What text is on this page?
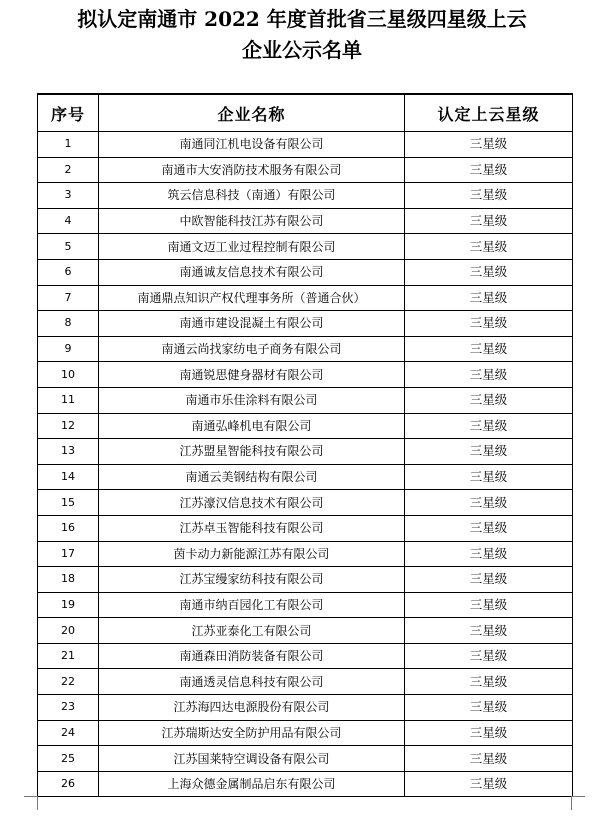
拟认定南通市 2022 年度首批省三星级四星级上云
企业公示名单
序号	企业名称	认定上云星级
1	南通同江机电设备有限公司	三星级
2	南通市大安消防技术服务有限公司	三星级
3	筑云信息科技（南通）有限公司	三星级
4	中欧智能科技江苏有限公司	三星级
5	南通文迈工业过程控制有限公司	三星级
6	南通诚友信息技术有限公司	三星级
7	南通鼎点知识产权代理事务所（普通合伙）	三星级
8	南通市建设混凝土有限公司	三星级
9	南通云尚找家纺电子商务有限公司	三星级
10	南通锐思健身器材有限公司	三星级
11	南通市乐佳涂料有限公司	三星级
12	南通弘峰机电有限公司	三星级
13	江苏盟星智能科技有限公司	三星级
14	南通云美钢结构有限公司	三星级
15	江苏濠汉信息技术有限公司	三星级
16	江苏卓玉智能科技有限公司	三星级
17	茵卡动力新能源江苏有限公司	三星级
18	江苏宝缦家纺科技有限公司	三星级
19	南通市纳百园化工有限公司	三星级
20	江苏亚泰化工有限公司	三星级
21	南通森田消防装备有限公司	三星级
22	南通透灵信息科技有限公司	三星级
23	江苏海四达电源股份有限公司	三星级
24	江苏瑞斯达安全防护用品有限公司	三星级
25	江苏国莱特空调设备有限公司	三星级
26	上海众德金属制品启东有限公司	三星级
